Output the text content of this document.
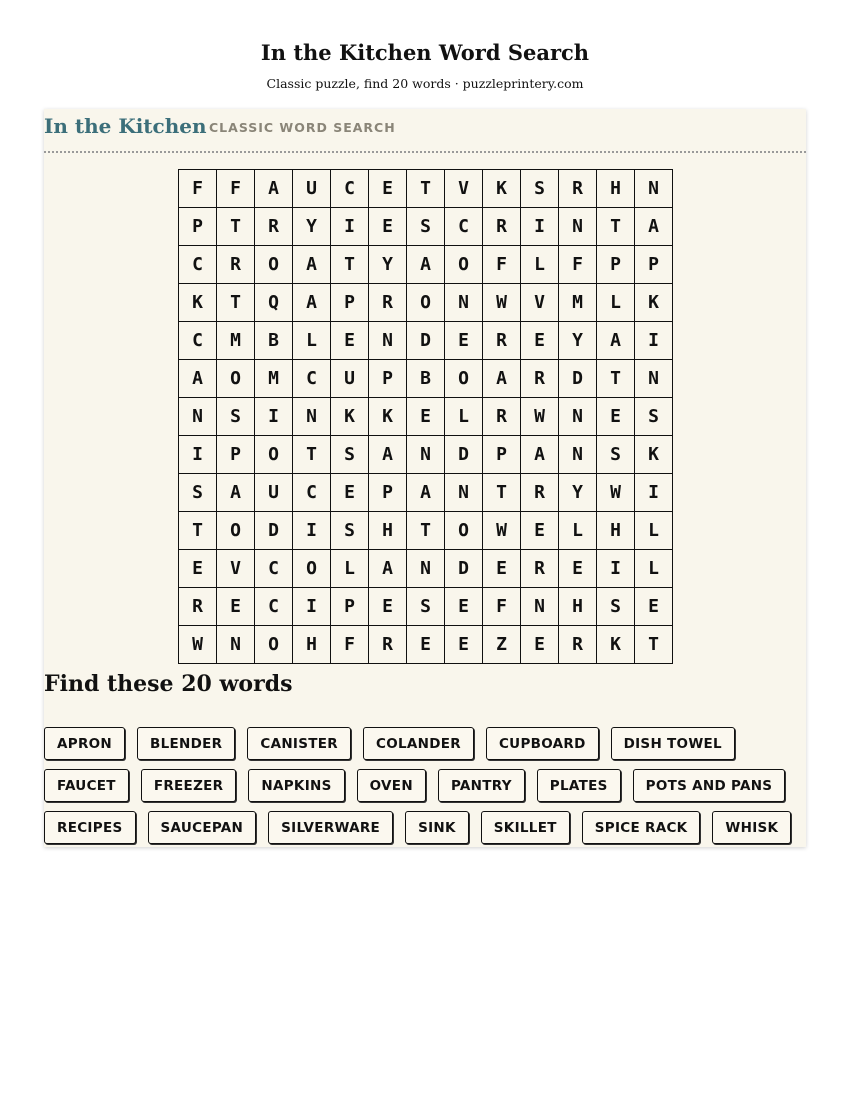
In the Kitchen Word Search
Classic puzzle, find 20 words · puzzleprintery.com
In the Kitchen CLASSIC WORD SEARCH
F	F	A	U	C	E	T	V	K	S	R	H	N
P	T	R	Y	I	E	S	C	R	I	N	T	A
C	R	O	A	T	Y	A	O	F	L	F	P	P
K	T	Q	A	P	R	O	N	W	V	M	L	K
C	M	B	L	E	N	D	E	R	E	Y	A	I
A	O	M	C	U	P	B	O	A	R	D	T	N
N	S	I	N	K	K	E	L	R	W	N	E	S
I	P	O	T	S	A	N	D	P	A	N	S	K
S	A	U	C	E	P	A	N	T	R	Y	W	I
T	O	D	I	S	H	T	O	W	E	L	H	L
E	V	C	O	L	A	N	D	E	R	E	I	L
R	E	C	I	P	E	S	E	F	N	H	S	E
W	N	O	H	F	R	E	E	Z	E	R	K	T
Find these 20 words
APRON	BLENDER	CANISTER	COLANDER	CUPBOARD	DISH TOWEL
FAUCET	FREEZER	NAPKINS	OVEN	PANTRY	PLATES	POTS AND PANS
RECIPES	SAUCEPAN	SILVERWARE	SINK	SKILLET	SPICE RACK	WHISK
